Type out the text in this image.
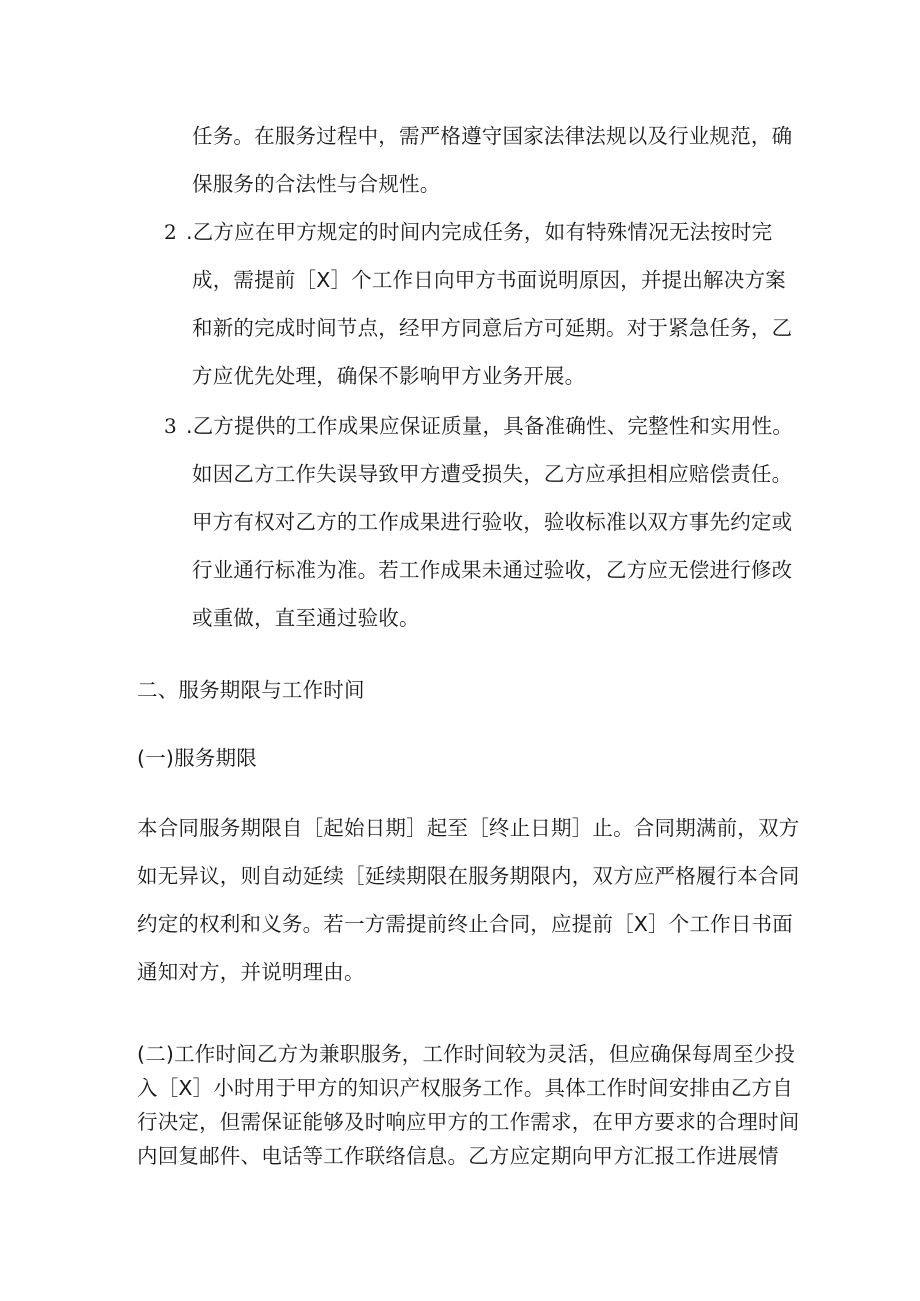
任务。在服务过程中，需严格遵守国家法律法规以及行业规范，确
保服务的合法性与合规性。
2 .乙方应在甲方规定的时间内完成任务，如有特殊情况无法按时完
成，需提前［X］个工作日向甲方书面说明原因，并提出解决方案
和新的完成时间节点，经甲方同意后方可延期。对于紧急任务，乙
方应优先处理，确保不影响甲方业务开展。
3 .乙方提供的工作成果应保证质量，具备准确性、完整性和实用性。
如因乙方工作失误导致甲方遭受损失，乙方应承担相应赔偿责任。
甲方有权对乙方的工作成果进行验收，验收标准以双方事先约定或
行业通行标准为准。若工作成果未通过验收，乙方应无偿进行修改
或重做，直至通过验收。
二、服务期限与工作时间
(一)服务期限
本合同服务期限自［起始日期］起至［终止日期］止。合同期满前，双方
如无异议，则自动延续［延续期限在服务期限内，双方应严格履行本合同
约定的权利和义务。若一方需提前终止合同，应提前［X］个工作日书面
通知对方，并说明理由。
(二)工作时间乙方为兼职服务，工作时间较为灵活，但应确保每周至少投
入［X］小时用于甲方的知识产权服务工作。具体工作时间安排由乙方自
行决定，但需保证能够及时响应甲方的工作需求，在甲方要求的合理时间
内回复邮件、电话等工作联络信息。乙方应定期向甲方汇报工作进展情
